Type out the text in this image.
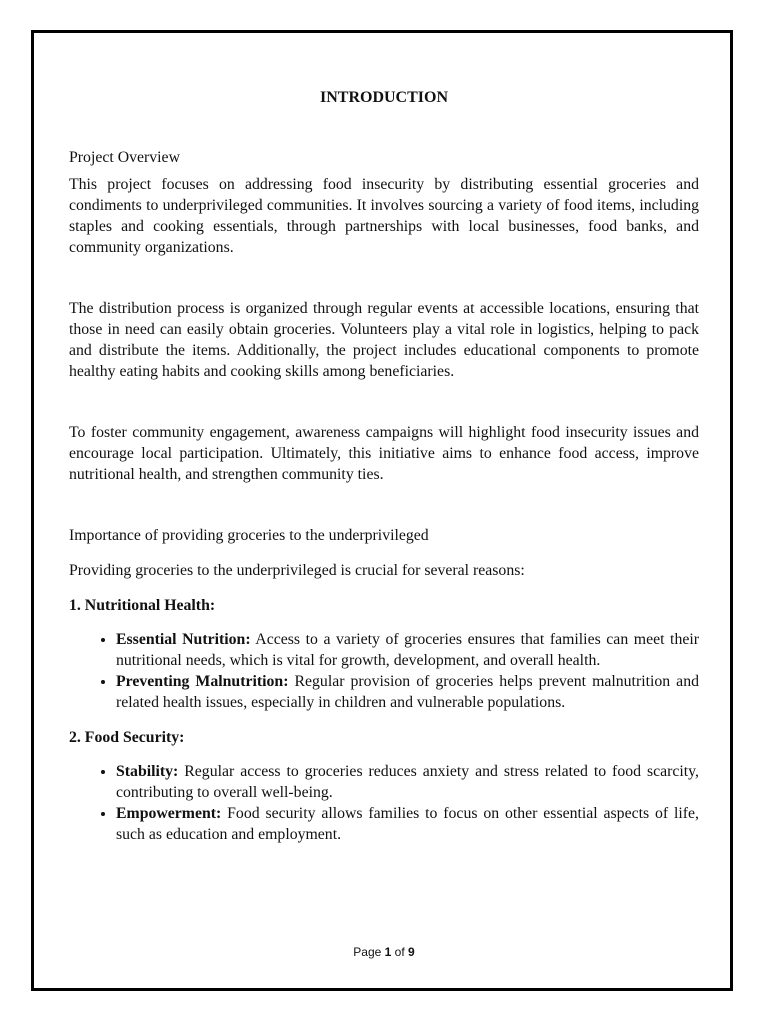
INTRODUCTION
Project Overview

This project focuses on addressing food insecurity by distributing essential groceries and condiments to underprivileged communities. It involves sourcing a variety of food items, including staples and cooking essentials, through partnerships with local businesses, food banks, and community organizations.

The distribution process is organized through regular events at accessible locations, ensuring that those in need can easily obtain groceries. Volunteers play a vital role in logistics, helping to pack and distribute the items. Additionally, the project includes educational components to promote healthy eating habits and cooking skills among beneficiaries.

To foster community engagement, awareness campaigns will highlight food insecurity issues and encourage local participation. Ultimately, this initiative aims to enhance food access, improve nutritional health, and strengthen community ties.

Importance of providing groceries to the underprivileged

Providing groceries to the underprivileged is crucial for several reasons:

1. Nutritional Health:

• Essential Nutrition: Access to a variety of groceries ensures that families can meet their nutritional needs, which is vital for growth, development, and overall health.
• Preventing Malnutrition: Regular provision of groceries helps prevent malnutrition and related health issues, especially in children and vulnerable populations.

2. Food Security:

• Stability: Regular access to groceries reduces anxiety and stress related to food scarcity, contributing to overall well-being.
• Empowerment: Food security allows families to focus on other essential aspects of life, such as education and employment.
Page 1 of 9
